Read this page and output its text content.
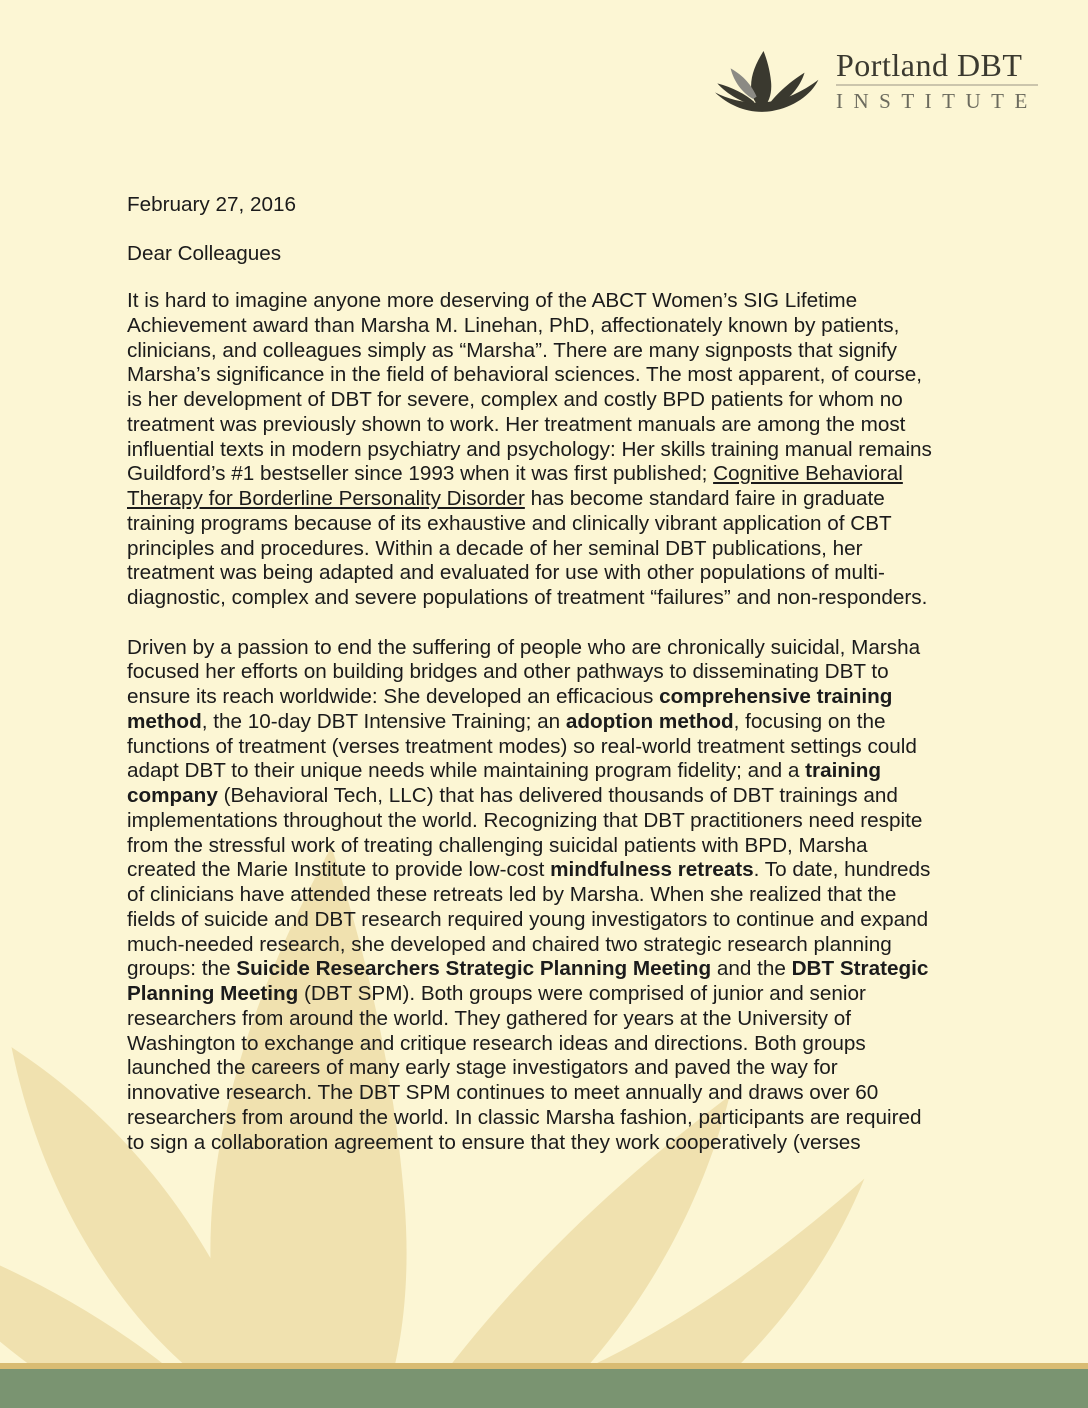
Portland DBT
INSTITUTE
February 27, 2016
Dear Colleagues
It is hard to imagine anyone more deserving of the ABCT Women’s SIG Lifetime
Achievement award than Marsha M. Linehan, PhD, affectionately known by patients,
clinicians, and colleagues simply as “Marsha”. There are many signposts that signify
Marsha’s significance in the field of behavioral sciences. The most apparent, of course,
is her development of DBT for severe, complex and costly BPD patients for whom no
treatment was previously shown to work. Her treatment manuals are among the most
influential texts in modern psychiatry and psychology: Her skills training manual remains
Guildford’s #1 bestseller since 1993 when it was first published; Cognitive Behavioral
Therapy for Borderline Personality Disorder has become standard faire in graduate
training programs because of its exhaustive and clinically vibrant application of CBT
principles and procedures. Within a decade of her seminal DBT publications, her
treatment was being adapted and evaluated for use with other populations of multi-
diagnostic, complex and severe populations of treatment “failures” and non-responders.
Driven by a passion to end the suffering of people who are chronically suicidal, Marsha
focused her efforts on building bridges and other pathways to disseminating DBT to
ensure its reach worldwide: She developed an efficacious comprehensive training
method, the 10-day DBT Intensive Training; an adoption method, focusing on the
functions of treatment (verses treatment modes) so real-world treatment settings could
adapt DBT to their unique needs while maintaining program fidelity; and a training
company (Behavioral Tech, LLC) that has delivered thousands of DBT trainings and
implementations throughout the world. Recognizing that DBT practitioners need respite
from the stressful work of treating challenging suicidal patients with BPD, Marsha
created the Marie Institute to provide low-cost mindfulness retreats. To date, hundreds
of clinicians have attended these retreats led by Marsha. When she realized that the
fields of suicide and DBT research required young investigators to continue and expand
much-needed research, she developed and chaired two strategic research planning
groups: the Suicide Researchers Strategic Planning Meeting and the DBT Strategic
Planning Meeting (DBT SPM). Both groups were comprised of junior and senior
researchers from around the world. They gathered for years at the University of
Washington to exchange and critique research ideas and directions. Both groups
launched the careers of many early stage investigators and paved the way for
innovative research. The DBT SPM continues to meet annually and draws over 60
researchers from around the world. In classic Marsha fashion, participants are required
to sign a collaboration agreement to ensure that they work cooperatively (verses
